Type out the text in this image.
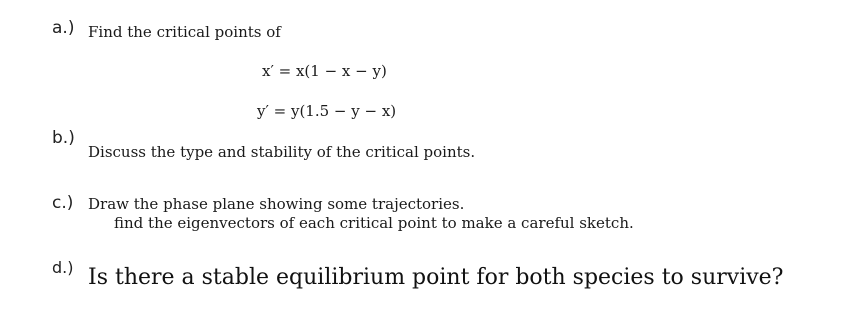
a.) Find the critical points of
x′ = x(1 − x − y)
y′ = y(1.5 − y − x)
b.)
Discuss the type and stability of the critical points.
c.) Draw the phase plane showing some trajectories.
find the eigenvectors of each critical point to make a careful sketch.
d.) Is there a stable equilibrium point for both species to survive?
